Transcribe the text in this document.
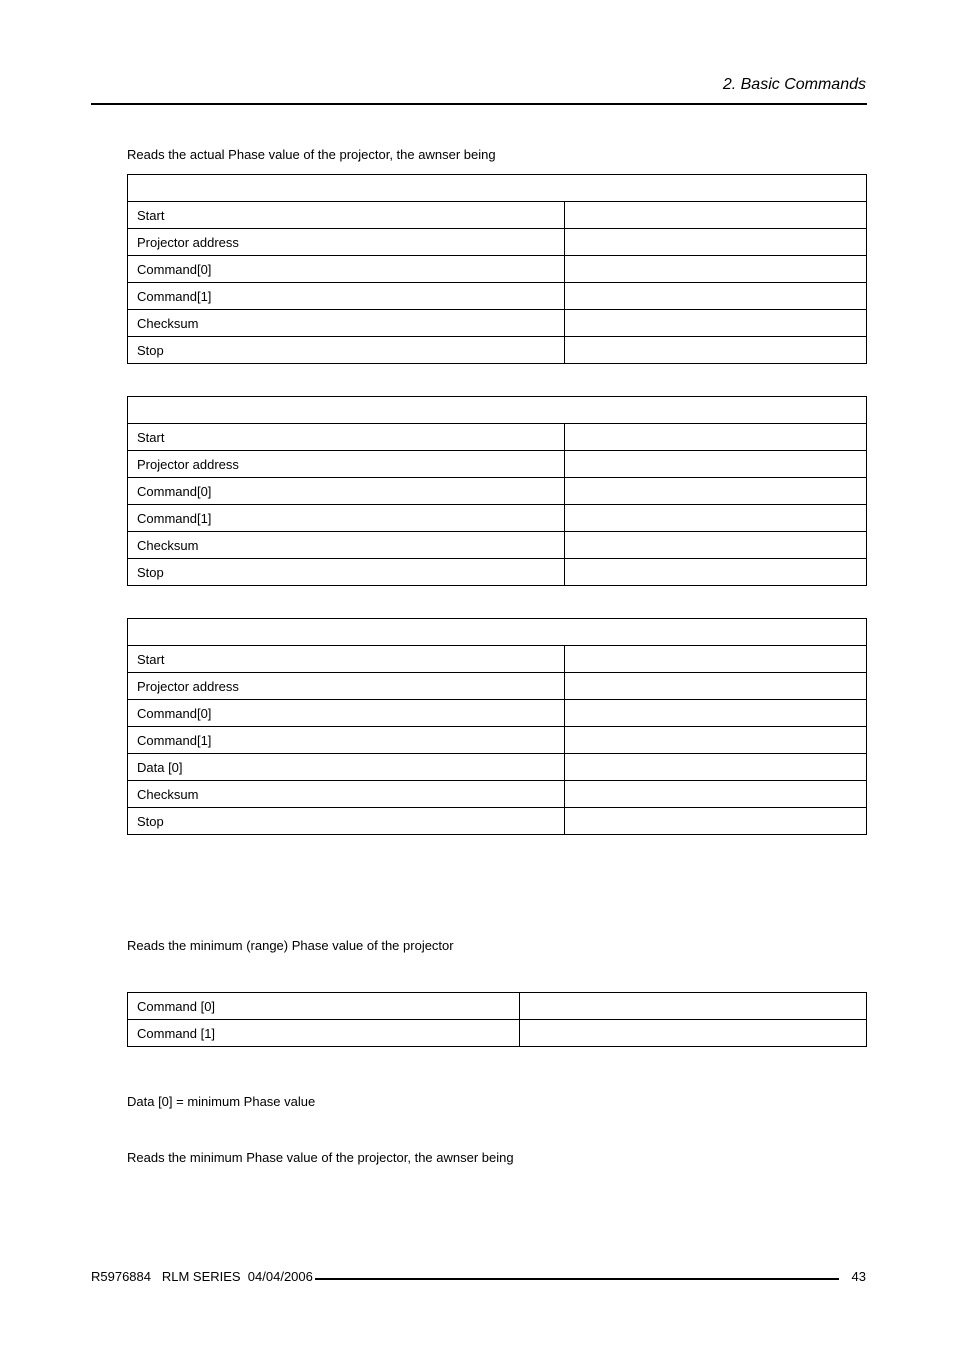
2. Basic Commands
Reads the actual Phase value of the projector, the awnser being

Start	
Projector address	
Command[0]	
Command[1]	
Checksum	
Stop	

Start	
Projector address	
Command[0]	
Command[1]	
Checksum	
Stop	

Start	
Projector address	
Command[0]	
Command[1]	
Data [0]	
Checksum	
Stop	
Reads the minimum (range) Phase value of the projector
Command [0]	
Command [1]	
Data [0] = minimum Phase value
Reads the minimum Phase value of the projector, the awnser being
R5976884   RLM SERIES  04/04/2006	43
